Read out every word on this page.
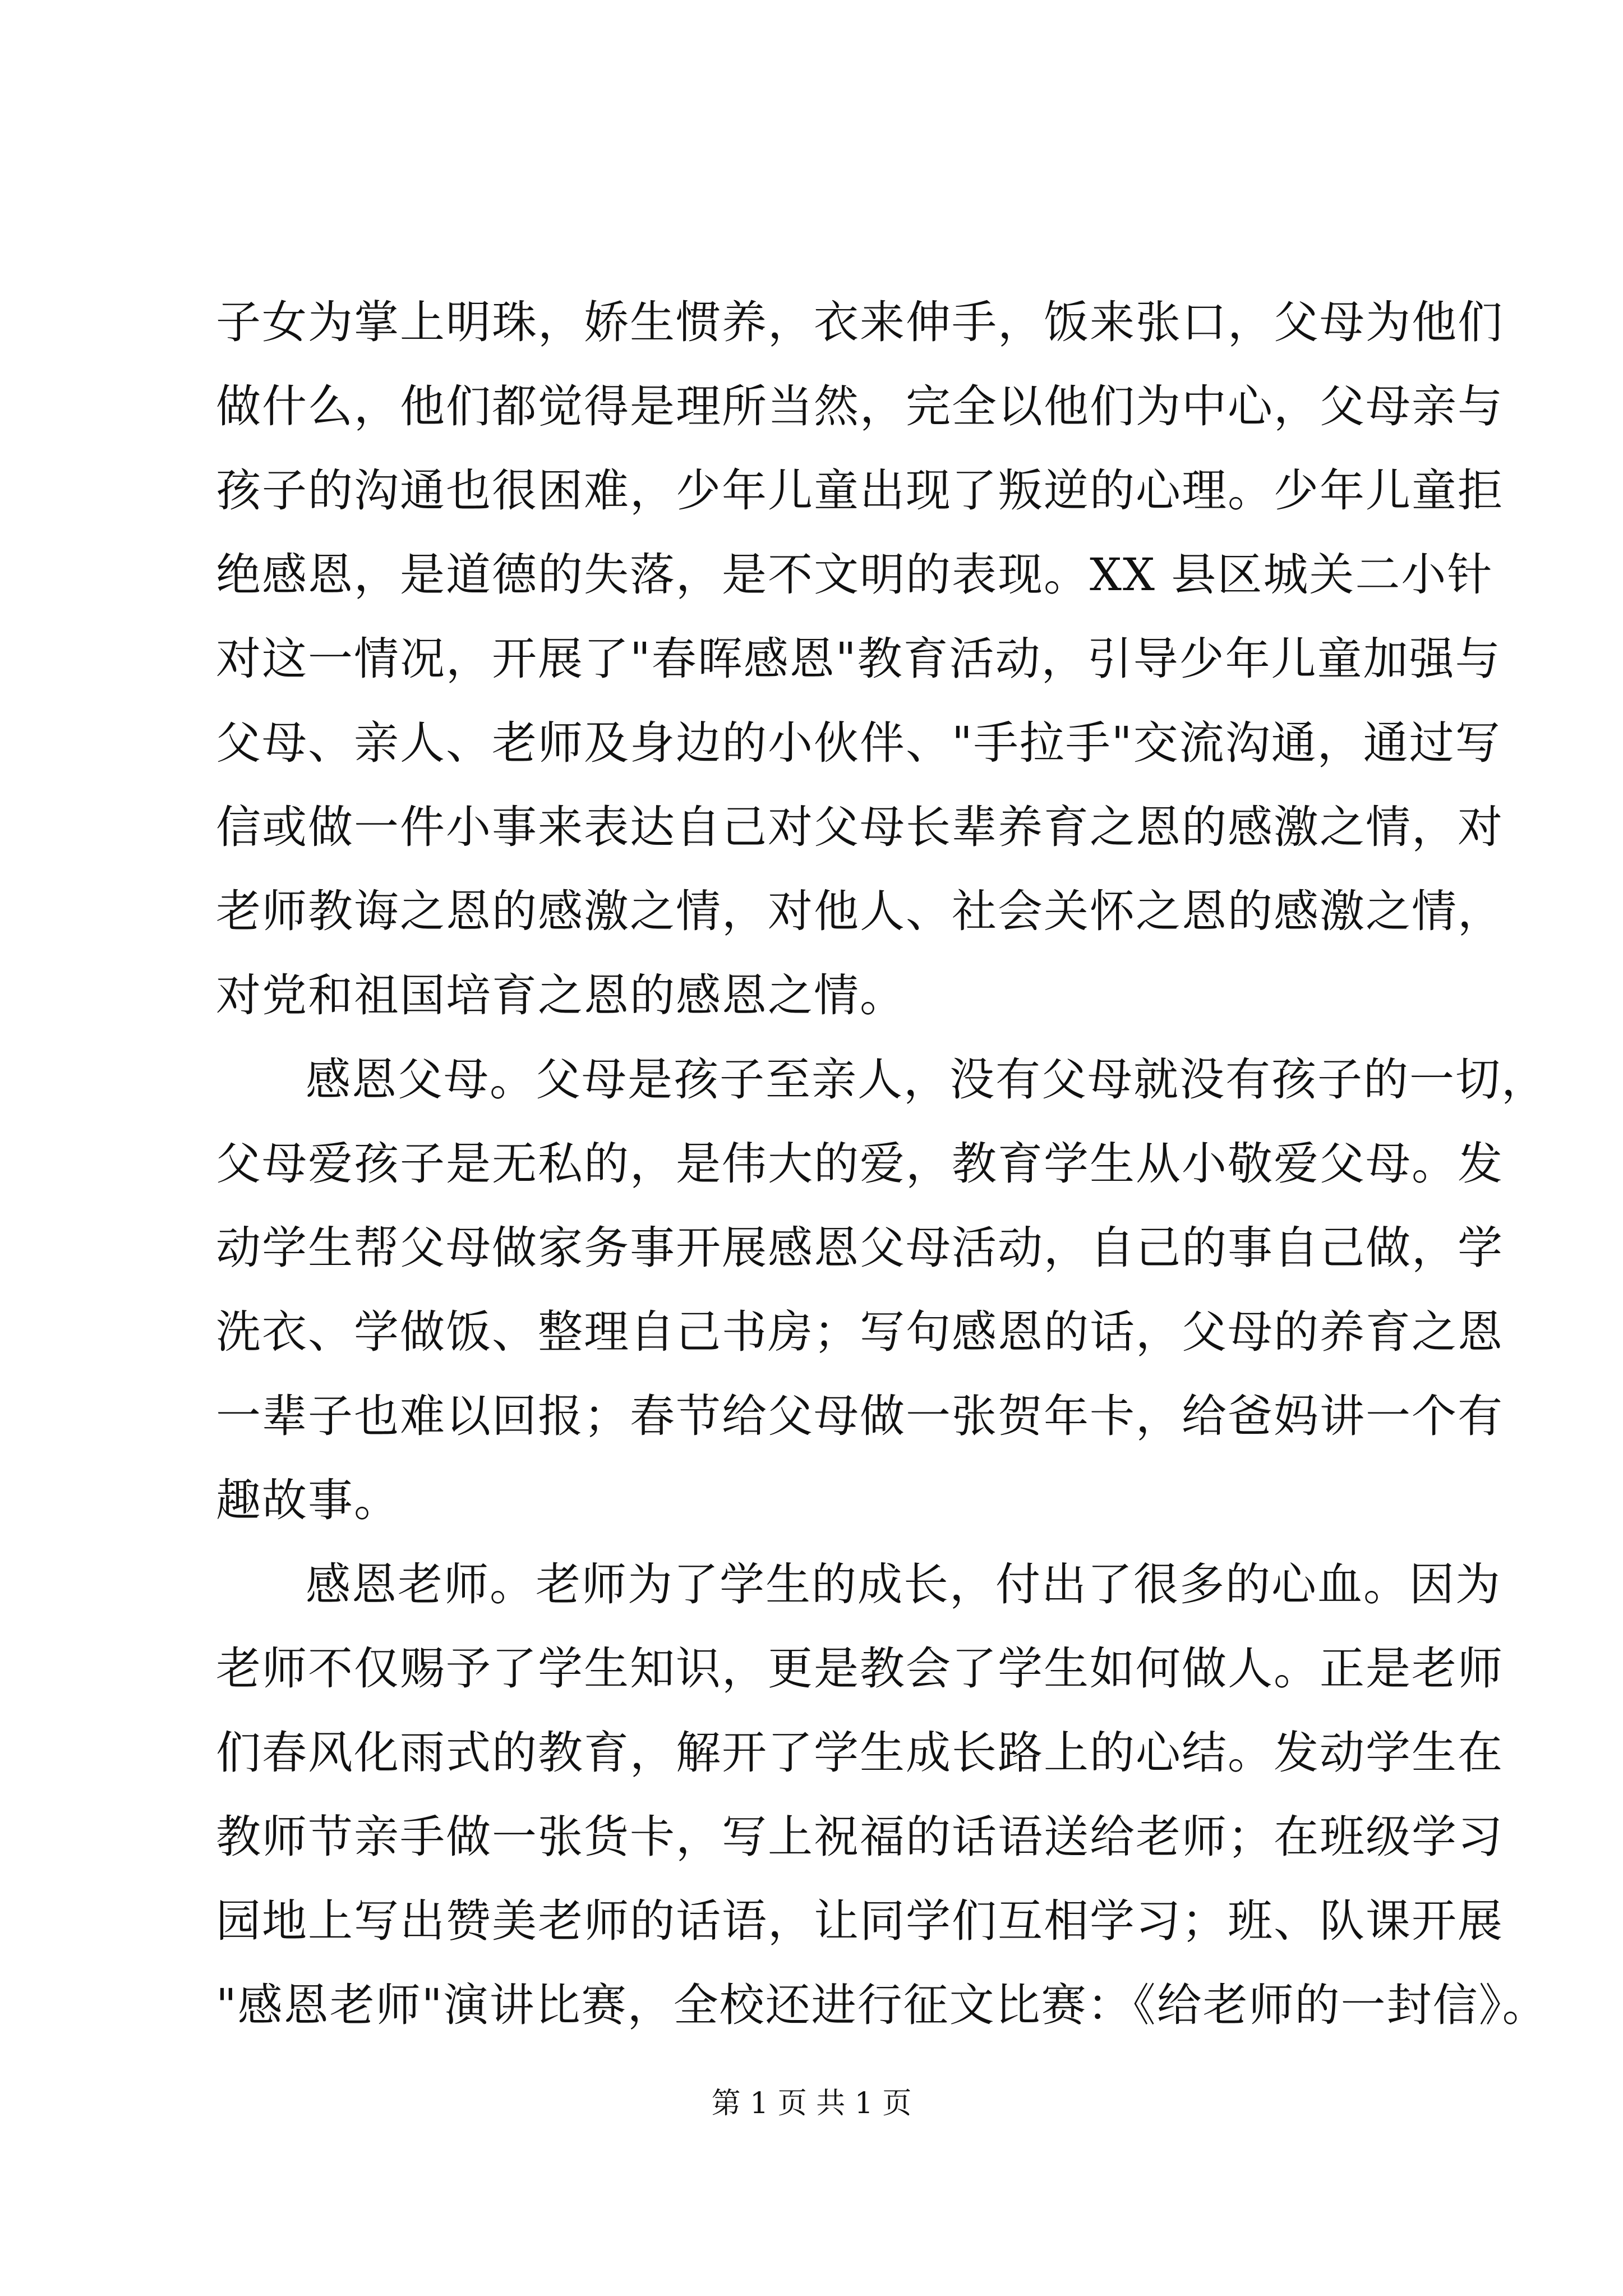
子女为掌上明珠，娇生惯养，衣来伸手，饭来张口，父母为他们
做什么，他们都觉得是理所当然，完全以他们为中心，父母亲与
孩子的沟通也很困难，少年儿童出现了叛逆的心理。少年儿童拒
绝感恩，是道德的失落，是不文明的表现。XX 县区城关二小针
对这一情况，开展了"春晖感恩"教育活动，引导少年儿童加强与
父母、亲人、老师及身边的小伙伴、"手拉手"交流沟通，通过写
信或做一件小事来表达自己对父母长辈养育之恩的感激之情，对
老师教诲之恩的感激之情，对他人、社会关怀之恩的感激之情，
对党和祖国培育之恩的感恩之情。
感恩父母。父母是孩子至亲人，没有父母就没有孩子的一切，
父母爱孩子是无私的，是伟大的爱，教育学生从小敬爱父母。发
动学生帮父母做家务事开展感恩父母活动，自己的事自己做，学
洗衣、学做饭、整理自己书房；写句感恩的话，父母的养育之恩
一辈子也难以回报；春节给父母做一张贺年卡，给爸妈讲一个有
趣故事。
感恩老师。老师为了学生的成长，付出了很多的心血。因为
老师不仅赐予了学生知识，更是教会了学生如何做人。正是老师
们春风化雨式的教育，解开了学生成长路上的心结。发动学生在
教师节亲手做一张货卡，写上祝福的话语送给老师；在班级学习
园地上写出赞美老师的话语，让同学们互相学习；班、队课开展
"感恩老师"演讲比赛，全校还进行征文比赛：《给老师的一封信》。
第 1 页 共 1 页
